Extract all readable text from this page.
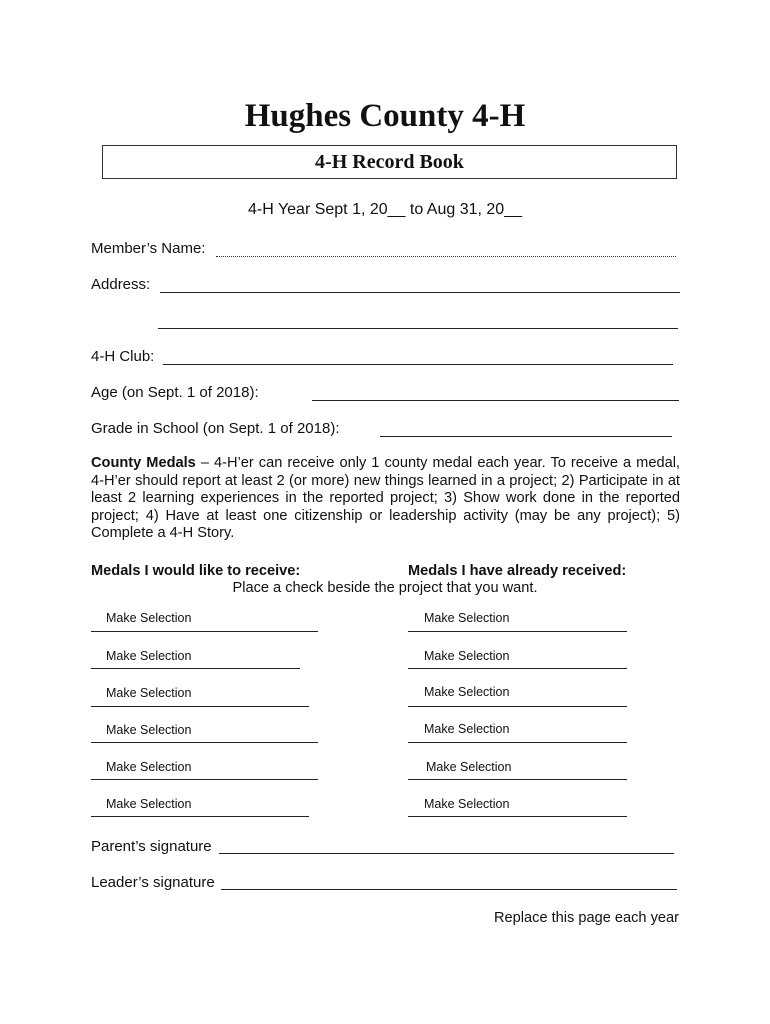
Hughes County 4-H
4-H Record Book
4-H Year Sept 1, 20__ to Aug 31, 20__
Member’s Name:
Address:
4-H Club:
Age (on Sept. 1 of 2018):
Grade in School (on Sept. 1 of 2018):
County Medals – 4-H’er can receive only 1 county medal each year. To receive a medal, 4-H’er should report at least 2 (or more) new things learned in a project; 2) Participate in at least 2 learning experiences in the reported project; 3) Show work done in the reported project; 4) Have at least one citizenship or leadership activity (may be any project); 5) Complete a 4-H Story.
Medals I would like to receive:	Medals I have already received:
Place a check beside the project that you want.
Make Selection
Make Selection
Make Selection
Make Selection
Make Selection
Make Selection
Make Selection
Make Selection
Make Selection
Make Selection
Make Selection
Make Selection
Parent’s signature
Leader’s signature
Replace this page each year
